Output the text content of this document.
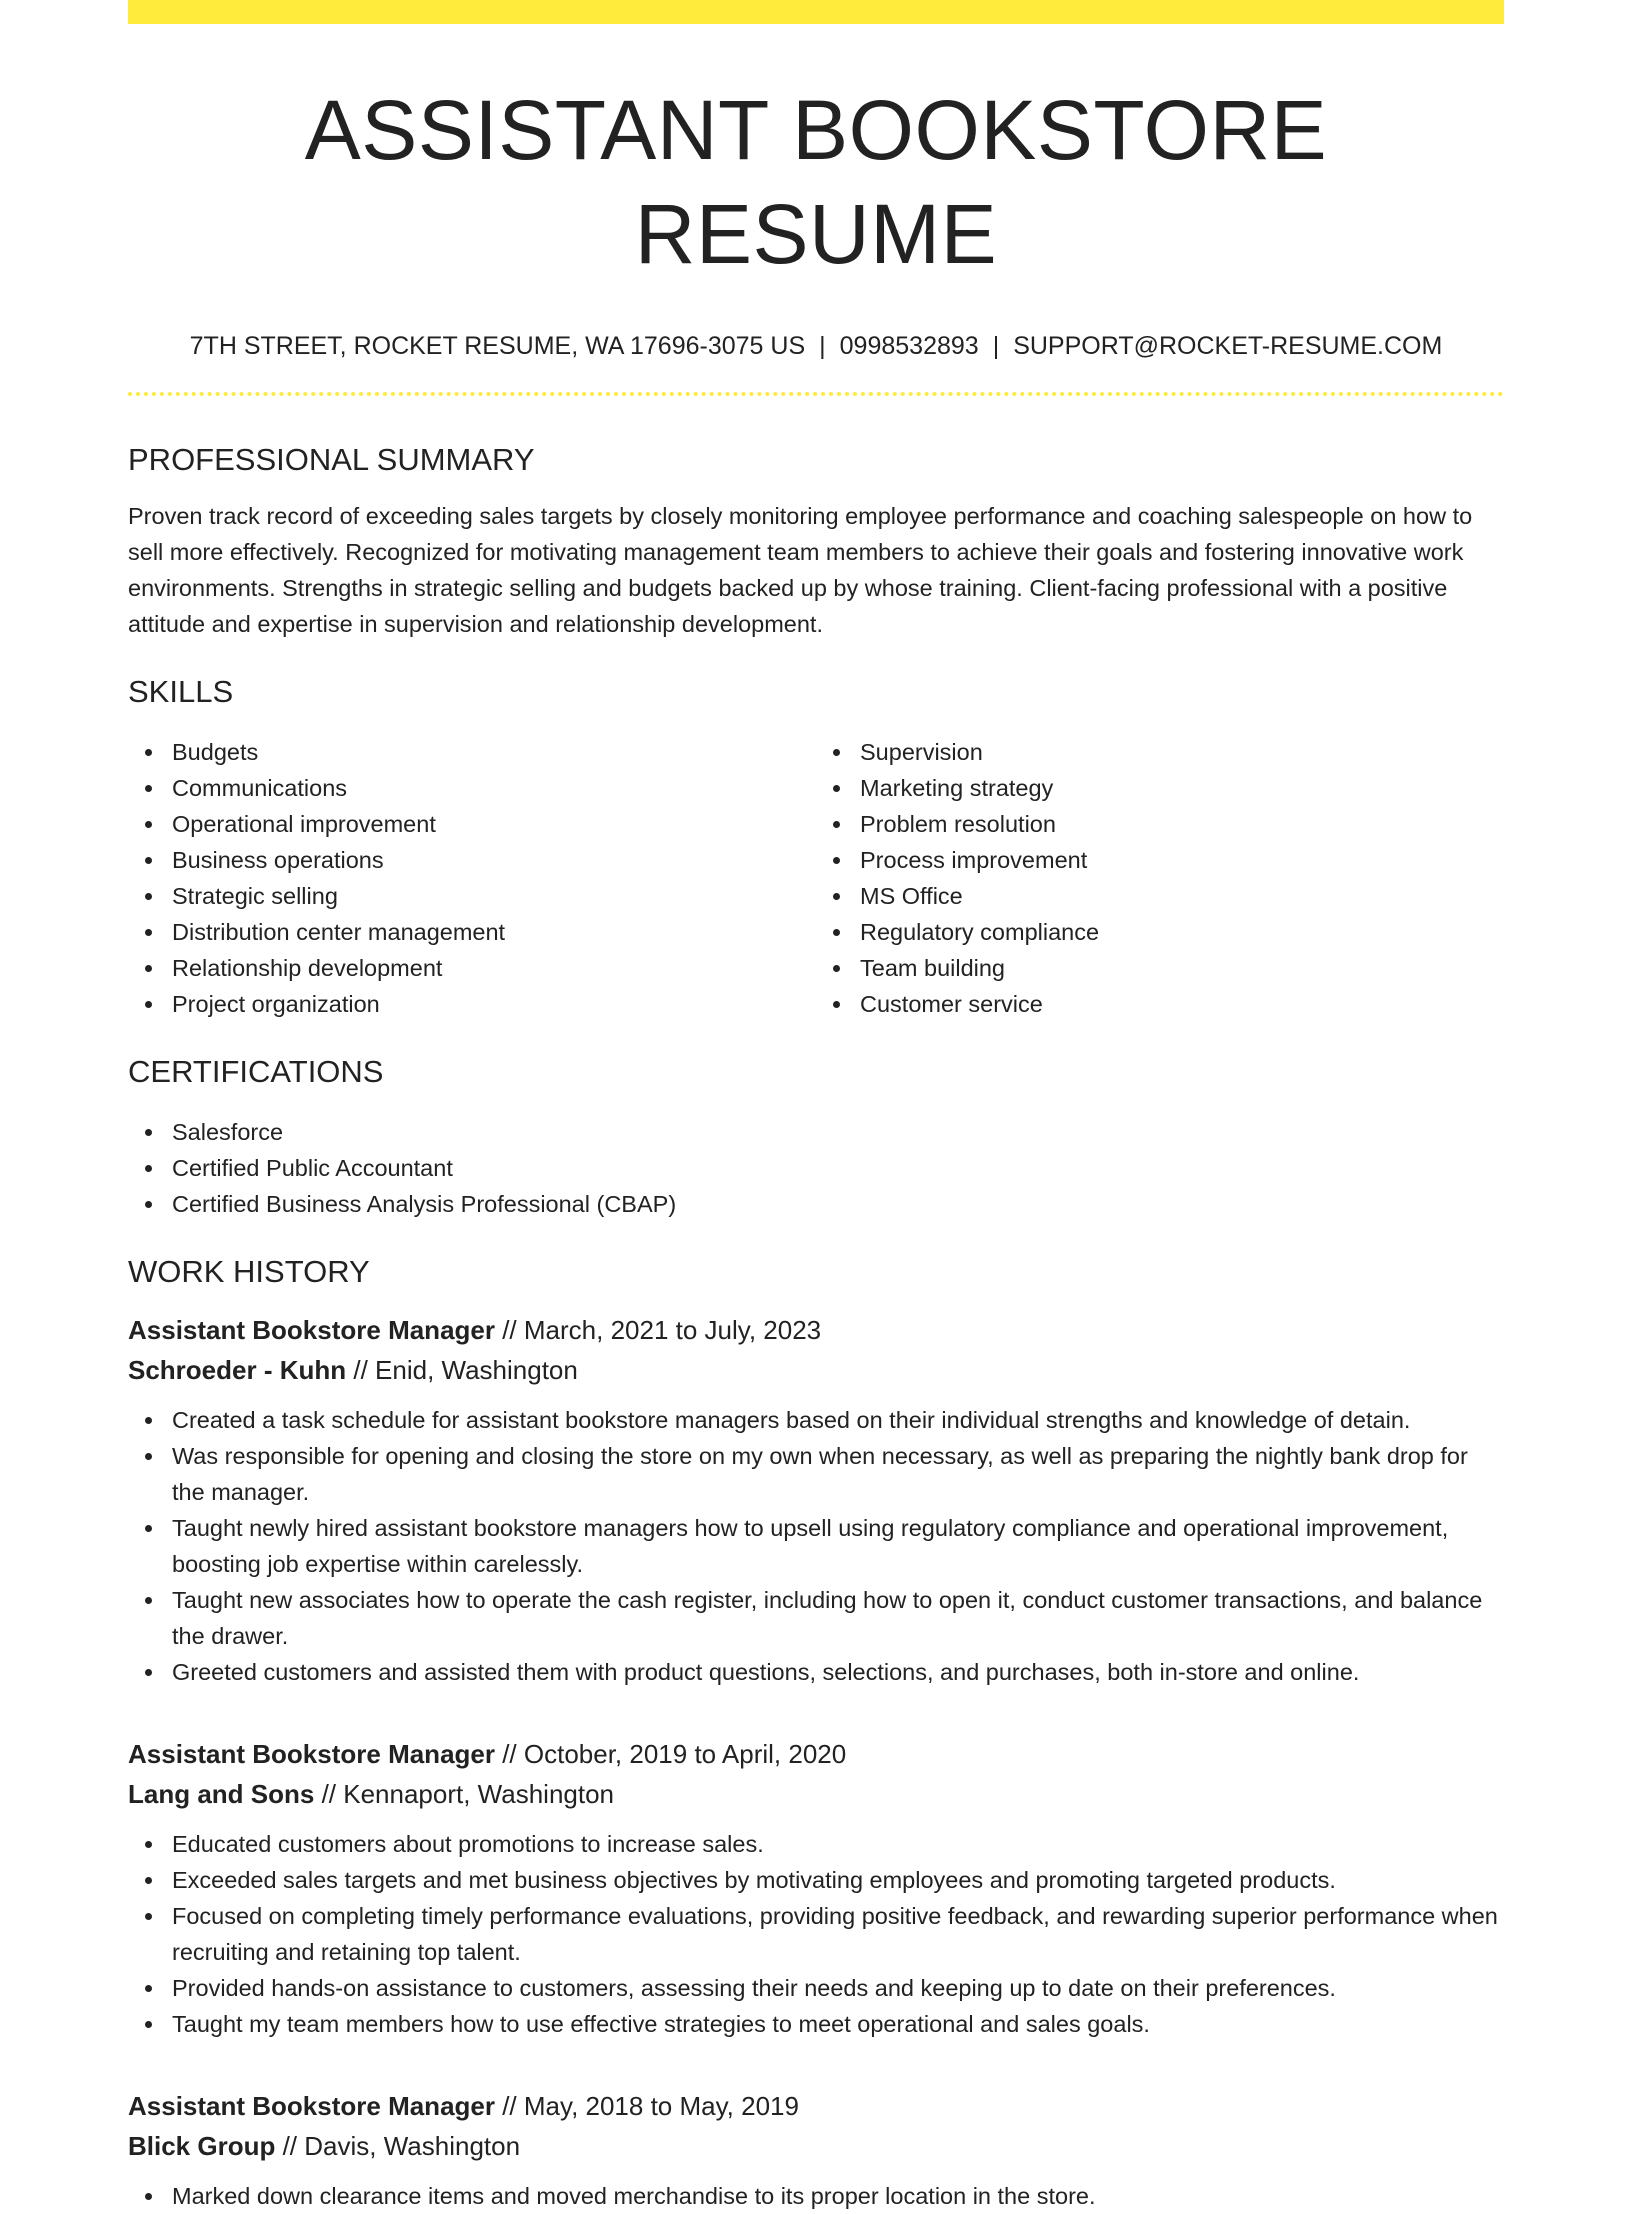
ASSISTANT BOOKSTORE RESUME
7TH STREET, ROCKET RESUME, WA 17696-3075 US | 0998532893 | SUPPORT@ROCKET-RESUME.COM
PROFESSIONAL SUMMARY

Proven track record of exceeding sales targets by closely monitoring employee performance and coaching salespeople on how to sell more effectively. Recognized for motivating management team members to achieve their goals and fostering innovative work environments. Strengths in strategic selling and budgets backed up by whose training. Client-facing professional with a positive attitude and expertise in supervision and relationship development.

SKILLS
Budgets
Communications
Operational improvement
Business operations
Strategic selling
Distribution center management
Relationship development
Project organization
Supervision
Marketing strategy
Problem resolution
Process improvement
MS Office
Regulatory compliance
Team building
Customer service
CERTIFICATIONS
Salesforce
Certified Public Accountant
Certified Business Analysis Professional (CBAP)
WORK HISTORY
Assistant Bookstore Manager // March, 2021 to July, 2023
Schroeder - Kuhn // Enid, Washington
Created a task schedule for assistant bookstore managers based on their individual strengths and knowledge of detain.
Was responsible for opening and closing the store on my own when necessary, as well as preparing the nightly bank drop for the manager.
Taught newly hired assistant bookstore managers how to upsell using regulatory compliance and operational improvement, boosting job expertise within carelessly.
Taught new associates how to operate the cash register, including how to open it, conduct customer transactions, and balance the drawer.
Greeted customers and assisted them with product questions, selections, and purchases, both in-store and online.
Assistant Bookstore Manager // October, 2019 to April, 2020
Lang and Sons // Kennaport, Washington
Educated customers about promotions to increase sales.
Exceeded sales targets and met business objectives by motivating employees and promoting targeted products.
Focused on completing timely performance evaluations, providing positive feedback, and rewarding superior performance when recruiting and retaining top talent.
Provided hands-on assistance to customers, assessing their needs and keeping up to date on their preferences.
Taught my team members how to use effective strategies to meet operational and sales goals.
Assistant Bookstore Manager // May, 2018 to May, 2019
Blick Group // Davis, Washington
Marked down clearance items and moved merchandise to its proper location in the store.
